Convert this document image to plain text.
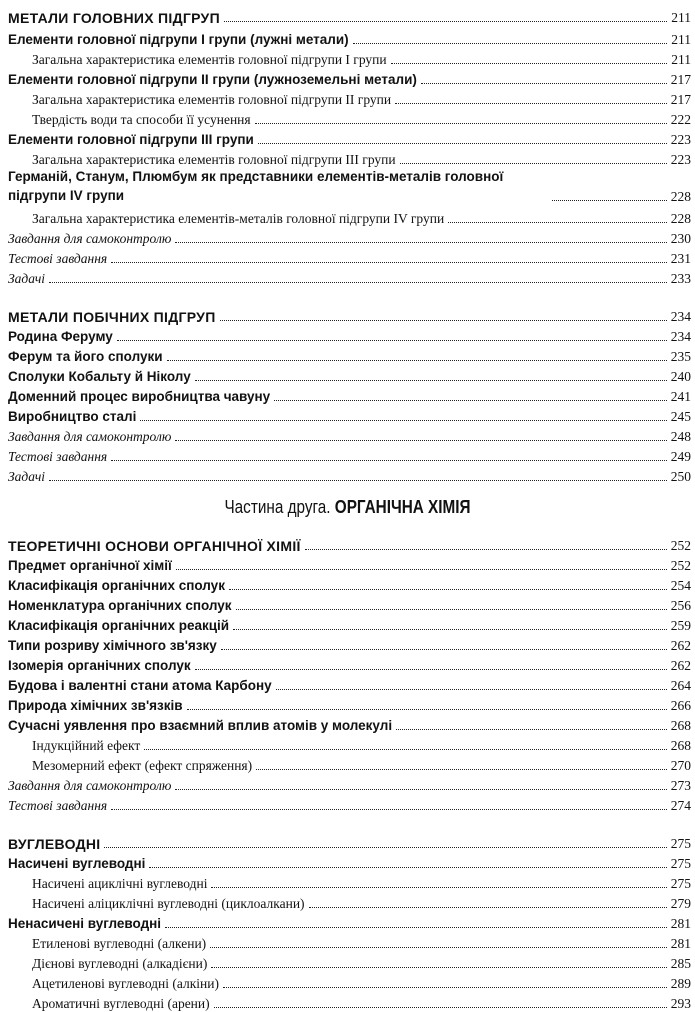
Частина друга. ОРГАНІЧНА ХІМІЯ
МЕТАЛИ ГОЛОВНИХ ПІДГРУП	211
Елементи головної підгрупи І групи (лужні метали)	211
Загальна характеристика елементів головної підгрупи І групи	211
Елементи головної підгрупи ІІ групи (лужноземельні метали)	217
Загальна характеристика елементів головної підгрупи ІІ групи	217
Твердість води та способи її усунення	222
Елементи головної підгрупи ІІІ групи	223
Загальна характеристика елементів головної підгрупи ІІІ групи	223
Германій, Станум, Плюмбум як представники елементів-металів головної підгрупи IV групи	228
Загальна характеристика елементів-металів головної підгрупи IV групи	228
Завдання для самоконтролю	230
Тестові завдання	231
Задачі	233
МЕТАЛИ ПОБІЧНИХ ПІДГРУП	234
Родина Феруму	234
Ферум та його сполуки	235
Сполуки Кобальту й Ніколу	240
Доменний процес виробництва чавуну	241
Виробництво сталі	245
Завдання для самоконтролю	248
Тестові завдання	249
Задачі	250
ТЕОРЕТИЧНІ ОСНОВИ ОРГАНІЧНОЇ ХІМІЇ	252
Предмет органічної хімії	252
Класифікація органічних сполук	254
Номенклатура органічних сполук	256
Класифікація органічних реакцій	259
Типи розриву хімічного зв'язку	262
Ізомерія органічних сполук	262
Будова і валентні стани атома Карбону	264
Природа хімічних зв'язків	266
Сучасні уявлення про взаємний вплив атомів у молекулі	268
Індукційний ефект	268
Мезомерний ефект (ефект спряження)	270
Завдання для самоконтролю	273
Тестові завдання	274
ВУГЛЕВОДНІ	275
Насичені вуглеводні	275
Насичені ациклічні вуглеводні	275
Насичені аліциклічні вуглеводні (циклоалкани)	279
Ненасичені вуглеводні	281
Етиленові вуглеводні (алкени)	281
Дієнові вуглеводні (алкадієни)	285
Ацетиленові вуглеводні (алкіни)	289
Ароматичні вуглеводні (арени)	293
